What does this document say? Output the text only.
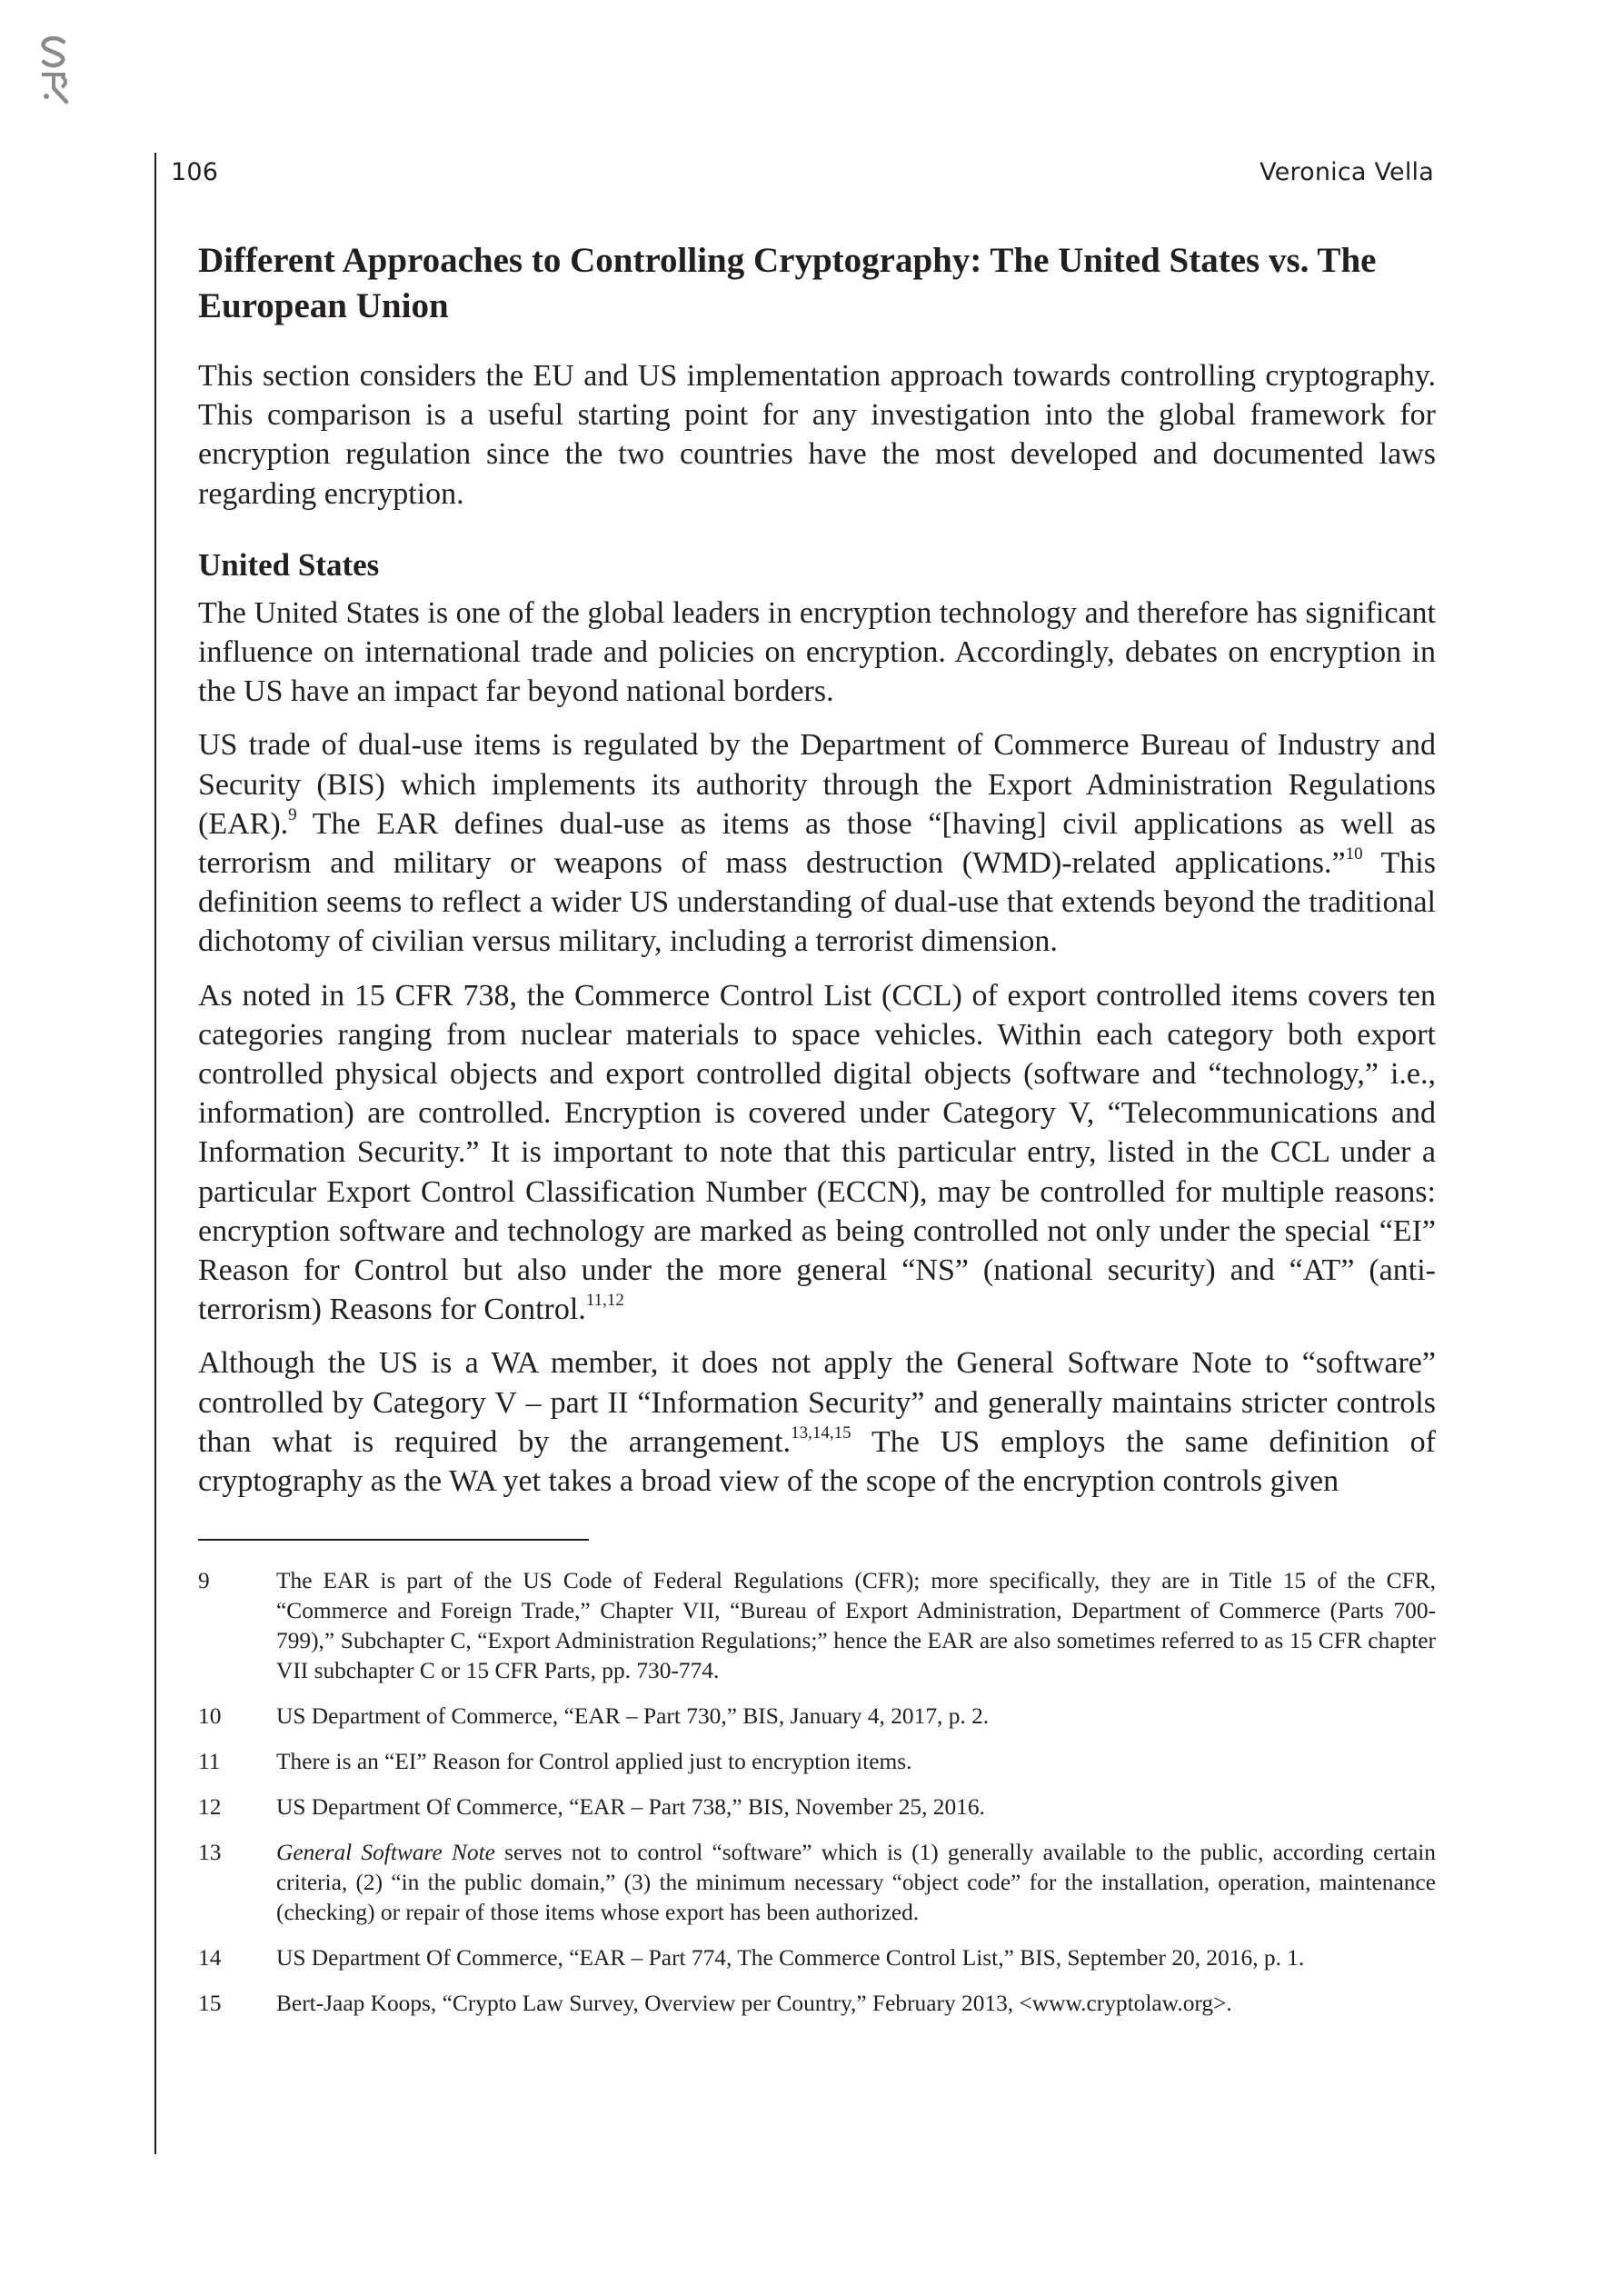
106	Veronica Vella
Different Approaches to Controlling Cryptography: The United States vs. The European Union

This section considers the EU and US implementation approach towards controlling cryptography. This comparison is a useful starting point for any investigation into the global framework for encryption regulation since the two countries have the most developed and documented laws regarding encryption.

United States

The United States is one of the global leaders in encryption technology and therefore has significant influence on international trade and policies on encryption. Accordingly, debates on encryption in the US have an impact far beyond national borders.

US trade of dual-use items is regulated by the Department of Commerce Bureau of Industry and Security (BIS) which implements its authority through the Export Administration Regulations (EAR).$^9$ The EAR defines dual-use as items as those “[having] civil applications as well as terrorism and military or weapons of mass destruction (WMD)-related applications.”$^{10}$ This definition seems to reflect a wider US understanding of dual-use that extends beyond the traditional dichotomy of civilian versus military, including a terrorist dimension.

As noted in 15 CFR 738, the Commerce Control List (CCL) of export controlled items covers ten categories ranging from nuclear materials to space vehicles. Within each category both export controlled physical objects and export controlled digital objects (software and “technology,” i.e., information) are controlled. Encryption is covered under Category V, “Telecommunications and Information Security.” It is important to note that this particular entry, listed in the CCL under a particular Export Control Classification Number (ECCN), may be controlled for multiple reasons: encryption software and technology are marked as being controlled not only under the special “EI” Reason for Control but also under the more general “NS” (national security) and “AT” (anti-terrorism) Reasons for Control.$^{11,12}$

Although the US is a WA member, it does not apply the General Software Note to “software” controlled by Category V – part II “Information Security” and generally maintains stricter controls than what is required by the arrangement.$^{13,14,15}$ The US employs the same definition of cryptography as the WA yet takes a broad view of the scope of the encryption controls given

9	The EAR is part of the US Code of Federal Regulations (CFR); more specifically, they are in Title 15 of the CFR, “Commerce and Foreign Trade,” Chapter VII, “Bureau of Export Administration, Department of Commerce (Parts 700-799),” Subchapter C, “Export Administration Regulations;” hence the EAR are also sometimes referred to as 15 CFR chapter VII subchapter C or 15 CFR Parts, pp. 730-774.
10	US Department of Commerce, “EAR – Part 730,” BIS, January 4, 2017, p. 2.
11	There is an “EI” Reason for Control applied just to encryption items.
12	US Department Of Commerce, “EAR – Part 738,” BIS, November 25, 2016.
13	General Software Note serves not to control “software” which is (1) generally available to the public, according certain criteria, (2) “in the public domain,” (3) the minimum necessary “object code” for the installation, operation, maintenance (checking) or repair of those items whose export has been authorized.
14	US Department Of Commerce, “EAR – Part 774, The Commerce Control List,” BIS, September 20, 2016, p. 1.
15	Bert-Jaap Koops, “Crypto Law Survey, Overview per Country,” February 2013, <www.cryptolaw.org>.
